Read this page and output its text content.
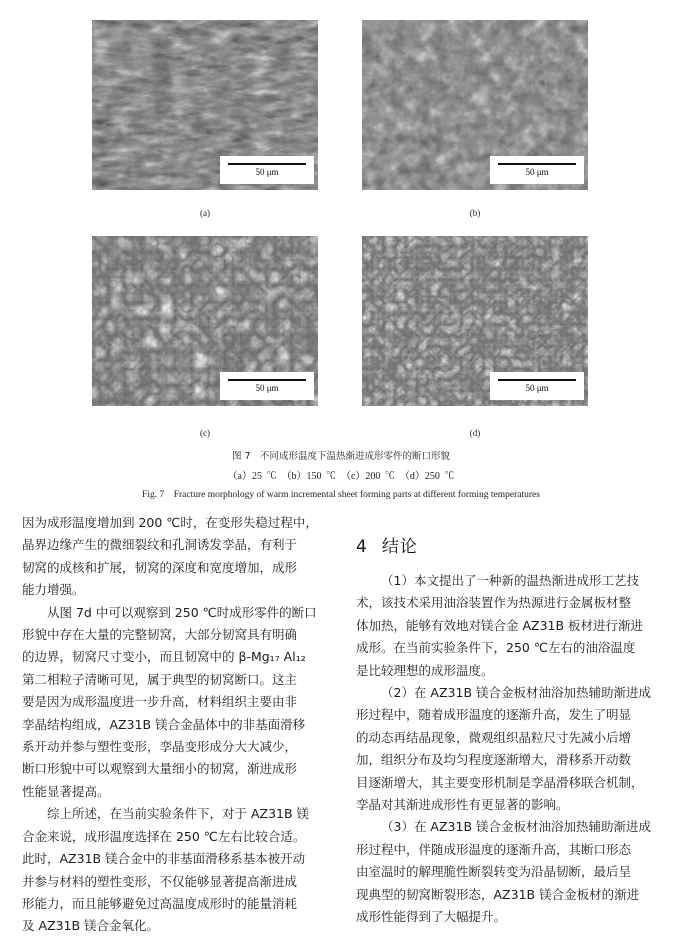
50 μm
(a)
50 μm
(b)
50 μm
(c)
50 μm
(d)
图 7　不同成形温度下温热渐进成形零件的断口形貌
（a）25 ℃　（b）150 ℃　（c）200 ℃　（d）250 ℃
Fig. 7　Fracture morphology of warm incremental sheet forming parts at different forming temperatures

因为成形温度增加到 200 ℃时，在变形失稳过程中，
晶界边缘产生的微细裂纹和孔洞诱发孪晶，有利于
韧窝的成核和扩展，韧窝的深度和宽度增加，成形
能力增强。

从图 7d 中可以观察到 250 ℃时成形零件的断口
形貌中存在大量的完整韧窝，大部分韧窝具有明确
的边界，韧窝尺寸变小，而且韧窝中的 β-Mg₁₇ Al₁₂
第二相粒子清晰可见，属于典型的韧窝断口。这主
要是因为成形温度进一步升高，材料组织主要由非
孪晶结构组成，AZ31B 镁合金晶体中的非基面滑移
系开动并参与塑性变形，孪晶变形成分大大减少，
断口形貌中可以观察到大量细小的韧窝，渐进成形
性能显著提高。

综上所述，在当前实验条件下，对于 AZ31B 镁
合金来说，成形温度选择在 250 ℃左右比较合适。
此时，AZ31B 镁合金中的非基面滑移系基本被开动
并参与材料的塑性变形，不仅能够显著提高渐进成
形能力，而且能够避免过高温度成形时的能量消耗
及 AZ31B 镁合金氧化。

4 结论

（1）本文提出了一种新的温热渐进成形工艺技
术，该技术采用油浴装置作为热源进行金属板材整
体加热，能够有效地对镁合金 AZ31B 板材进行渐进
成形。在当前实验条件下，250 ℃左右的油浴温度
是比较理想的成形温度。

（2）在 AZ31B 镁合金板材油浴加热辅助渐进成
形过程中，随着成形温度的逐渐升高，发生了明显
的动态再结晶现象，微观组织晶粒尺寸先减小后增
加，组织分布及均匀程度逐渐增大，滑移系开动数
目逐渐增大，其主要变形机制是孪晶滑移联合机制，
孪晶对其渐进成形性有更显著的影响。

（3）在 AZ31B 镁合金板材油浴加热辅助渐进成
形过程中，伴随成形温度的逐渐升高，其断口形态
由室温时的解理脆性断裂转变为沿晶韧断，最后呈
现典型的韧窝断裂形态，AZ31B 镁合金板材的渐进
成形性能得到了大幅提升。
